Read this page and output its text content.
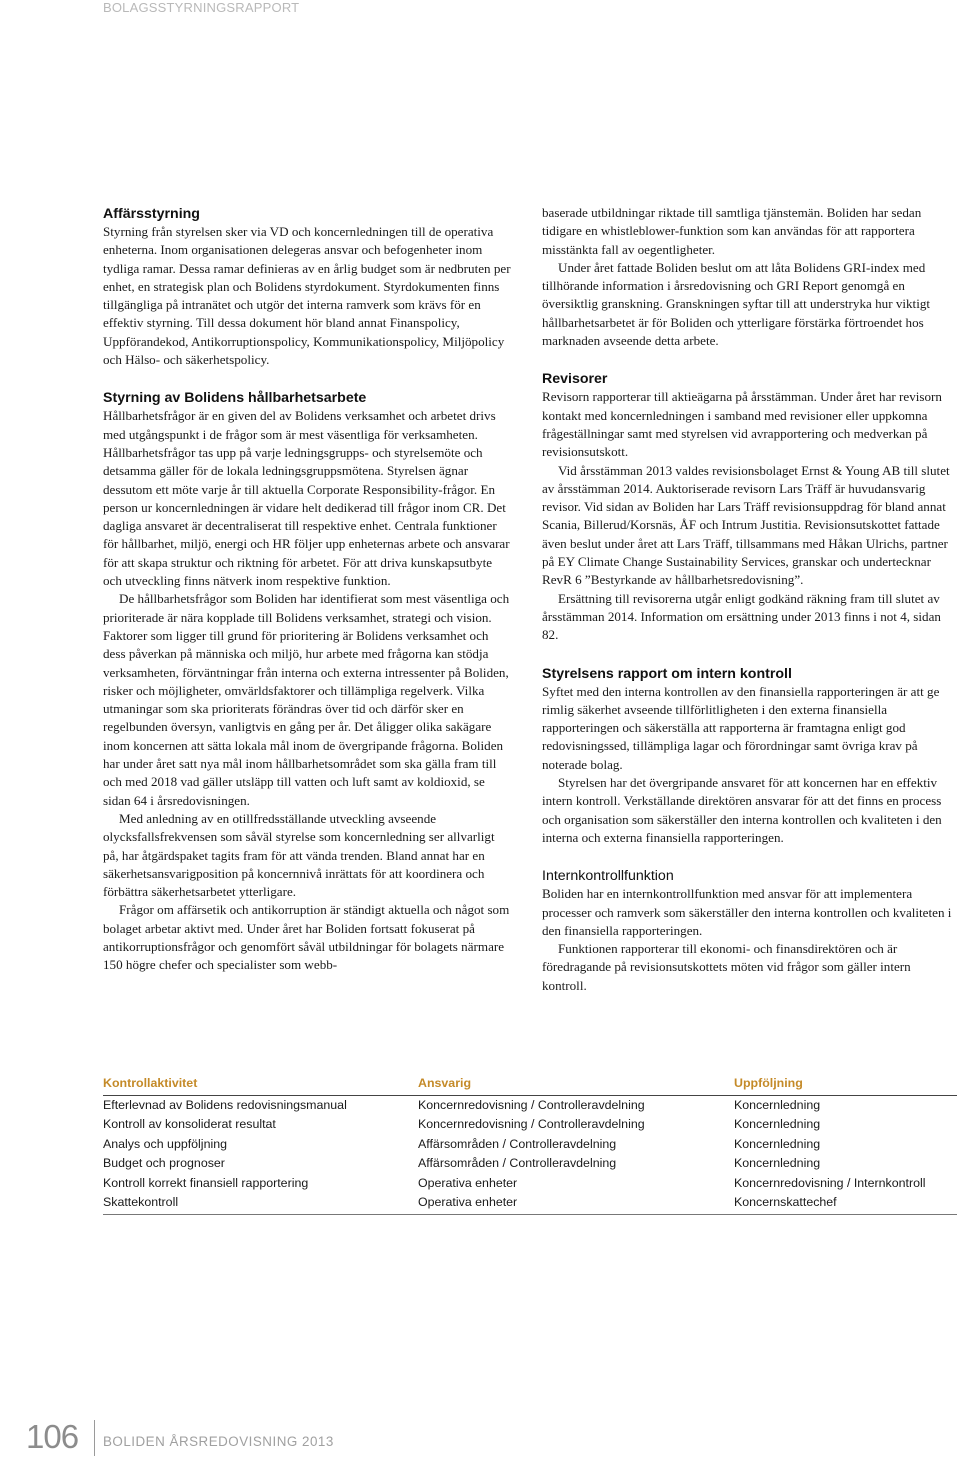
BOLAGSSTYRNINGSRAPPORT
Affärsstyrning

Styrning från styrelsen sker via VD och koncernledningen till de operativa enheterna. Inom organisationen delegeras ansvar och befogenheter inom tydliga ramar. Dessa ramar definieras av en årlig budget som är nedbruten per enhet, en strategisk plan och Bolidens styrdokument. Styrdokumenten finns tillgängliga på intranätet och utgör det interna ramverk som krävs för en effektiv styrning. Till dessa dokument hör bland annat Finanspolicy, Uppförandekod, Antikorruptionspolicy, Kommunikationspolicy, Miljöpolicy och Hälso- och säkerhetspolicy.

Styrning av Bolidens hållbarhetsarbete

Hållbarhetsfrågor är en given del av Bolidens verksamhet och arbetet drivs med utgångspunkt i de frågor som är mest väsentliga för verksamheten. Hållbarhetsfrågor tas upp på varje ledningsgrupps- och styrelsemöte och detsamma gäller för de lokala ledningsgruppsmötena. Styrelsen ägnar dessutom ett möte varje år till aktuella Corporate Responsibility-frågor. En person ur koncernledningen är vidare helt dedikerad till frågor inom CR. Det dagliga ansvaret är decentraliserat till respektive enhet. Centrala funktioner för hållbarhet, miljö, energi och HR följer upp enheternas arbete och ansvarar för att skapa struktur och riktning för arbetet. För att driva kunskapsutbyte och utveckling finns nätverk inom respektive funktion.

De hållbarhetsfrågor som Boliden har identifierat som mest väsentliga och prioriterade är nära kopplade till Bolidens verksamhet, strategi och vision. Faktorer som ligger till grund för prioritering är Bolidens verksamhet och dess påverkan på människa och miljö, hur arbete med frågorna kan stödja verksamheten, förväntningar från interna och externa intressenter på Boliden, risker och möjligheter, omvärldsfaktorer och tillämpliga regelverk. Vilka utmaningar som ska prioriterats förändras över tid och därför sker en regelbunden översyn, vanligtvis en gång per år. Det åligger olika sakägare inom koncernen att sätta lokala mål inom de övergripande frågorna. Boliden har under året satt nya mål inom hållbarhetsområdet som ska gälla fram till och med 2018 vad gäller utsläpp till vatten och luft samt av koldioxid, se sidan 64 i årsredovisningen.

Med anledning av en otillfredsställande utveckling avseende olycksfallsfrekvensen som såväl styrelse som koncernledning ser allvarligt på, har åtgärdspaket tagits fram för att vända trenden. Bland annat har en säkerhetsansvarigposition på koncernnivå inrättats för att koordinera och förbättra säkerhetsarbetet ytterligare.

Frågor om affärsetik och antikorruption är ständigt aktuella och något som bolaget arbetar aktivt med. Under året har Boliden fortsatt fokuserat på antikorruptionsfrågor och genomfört såväl utbildningar för bolagets närmare 150 högre chefer och specialister som webb-

baserade utbildningar riktade till samtliga tjänstemän. Boliden har sedan tidigare en whistleblower-funktion som kan användas för att rapportera misstänkta fall av oegentligheter.

Under året fattade Boliden beslut om att låta Bolidens GRI-index med tillhörande information i årsredovisning och GRI Report genomgå en översiktlig granskning. Granskningen syftar till att understryka hur viktigt hållbarhetsarbetet är för Boliden och ytterligare förstärka förtroendet hos marknaden avseende detta arbete.

Revisorer

Revisorn rapporterar till aktieägarna på årsstämman. Under året har revisorn kontakt med koncernledningen i samband med revisioner eller uppkomna frågeställningar samt med styrelsen vid avrapportering och medverkan på revisionsutskott.

Vid årsstämman 2013 valdes revisionsbolaget Ernst & Young AB till slutet av årsstämman 2014. Auktoriserade revisorn Lars Träff är huvudansvarig revisor. Vid sidan av Boliden har Lars Träff revisionsuppdrag för bland annat Scania, Billerud/Korsnäs, ÅF och Intrum Justitia. Revisionsutskottet fattade även beslut under året att Lars Träff, tillsammans med Håkan Ulrichs, partner på EY Climate Change Sustainability Services, granskar och undertecknar RevR 6 ”Bestyrkande av hållbarhetsredovisning”.

Ersättning till revisorerna utgår enligt godkänd räkning fram till slutet av årsstämman 2014. Information om ersättning under 2013 finns i not 4, sidan 82.

Styrelsens rapport om intern kontroll

Syftet med den interna kontrollen av den finansiella rapporteringen är att ge rimlig säkerhet avseende tillförlitligheten i den externa finansiella rapporteringen och säkerställa att rapporterna är framtagna enligt god redovisningssed, tillämpliga lagar och förordningar samt övriga krav på noterade bolag.

Styrelsen har det övergripande ansvaret för att koncernen har en effektiv intern kontroll. Verkställande direktören ansvarar för att det finns en process och organisation som säkerställer den interna kontrollen och kvaliteten i den interna och externa finansiella rapporteringen.

Internkontrollfunktion

Boliden har en internkontrollfunktion med ansvar för att implementera processer och ramverk som säkerställer den interna kontrollen och kvaliteten i den finansiella rapporteringen.

Funktionen rapporterar till ekonomi- och finansdirektören och är föredragande på revisionsutskottets möten vid frågor som gäller intern kontroll.

Kontrollaktivitet	Ansvarig	Uppföljning
Efterlevnad av Bolidens redovisningsmanual	Koncernredovisning / Controlleravdelning	Koncernledning
Kontroll av konsoliderat resultat	Koncernredovisning / Controlleravdelning	Koncernledning
Analys och uppföljning	Affärsområden / Controlleravdelning	Koncernledning
Budget och prognoser	Affärsområden / Controlleravdelning	Koncernledning
Kontroll korrekt finansiell rapportering	Operativa enheter	Koncernredovisning / Internkontroll
Skattekontroll	Operativa enheter	Koncernskattechef
106 BOLIDEN ÅRSREDOVISNING 2013
